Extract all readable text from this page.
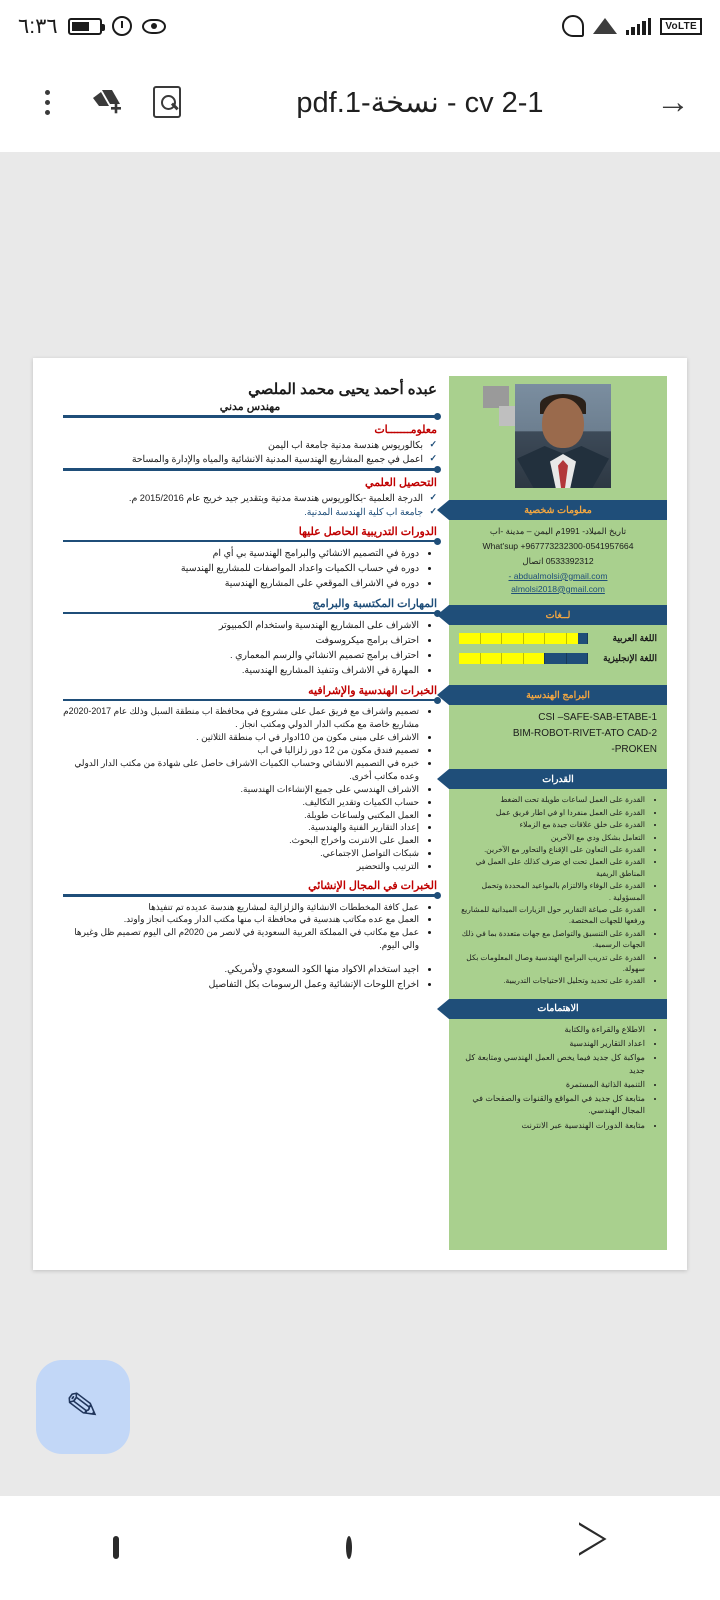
٦:٣٦	VoLTE
cv 2-1 - نسخة-1.pdf	→
عبده أحمد يحيى محمد الملصي
مهندس مدني
معلومـــــــات
✓ بكالوريوس هندسة مدنية جامعة اب اليمن
✓ اعمل في جميع المشاريع الهندسية المدنية الانشائية والمياه والإدارة والمساحة
التحصيل العلمي
✓ الدرجة العلمية -بكالوريوس هندسة مدنية وبتقدير جيد خريج عام 2015/2016 م.
✓ جامعة اب كلية الهندسة المدنية.
الدورات التدريبية الحاصل عليها
• دورة في التصميم الانشائي والبرامج الهندسية بي أي ام
• دوره في حساب الكميات واعداد المواصفات للمشاريع الهندسية
• دوره في الاشراف الموقعي على المشاريع الهندسية
المهارات المكتسبة والبرامج
• الاشراف على المشاريع الهندسية واستخدام الكمبيوتر
• احتراف برامج ميكروسوفت
• احتراف برامج تصميم الانشائي والرسم المعماري .
• المهارة في الاشراف وتنفيذ المشاريع الهندسية.
الخبرات الهندسية والإشرافيه
• تصميم واشراف مع فريق عمل على مشروع في محافظة اب منطقة السبل وذلك عام 2017-2020م مشاريع خاصة مع مكتب الدار الدولي ومكتب انجاز .
• الاشراف على مبنى مكون من 10ادوار في اب منطقة الثلاثين .
• تصميم فندق مكون من 12 دور زلزاليا في اب
• خبره في التصميم الانشائي وحساب الكميات الاشراف حاصل على شهادة من مكتب الدار الدولي وعده مكاتب أخرى.
• الاشراف الهندسي على جميع الإنشاءات الهندسية.
• حساب الكميات وتقدير التكاليف.
• العمل المكتبي ولساعات طويلة.
• إعداد التقارير الفنية والهندسية.
• العمل على الانترنت واخراج البحوث.
• شبكات التواصل الاجتماعي.
• الترتيب والتحضير
الخبرات في المجال الإنشائي
• عمل كافة المخططات الانشائية والزلزالية لمشاريع هندسة عديده تم تنفيذها
• العمل مع عده مكاتب هندسية في محافظة اب منها مكتب الدار ومكتب انجاز واوتد.
• عمل مع مكاتب في المملكة العربية السعودية في لانصر من 2020م الى اليوم تصميم ظل وغيرها والي اليوم.
• اجيد استخدام الاكواد منها الكود السعودي ولأمريكي.
• اخراج اللوحات الإنشائية وعمل الرسومات بكل التفاصيل
معلومات شخصية

تاريخ الميلاد- 1991م اليمن – مدينة -اب

What'sup +967773232300-0541957664

0533392312 اتصال

abdualmolsi@gmail.com -
almolsi2018@gmail.com
لــغات
اللغة العربية
اللغة الإنجليزية
البرامج الهندسية
1-CSI –SAFE-SAB-ETABE
2-BIM-ROBOT-RIVET-ATO CAD
PROKEN-
القدرات
• القدرة على العمل لساعات طويلة تحت الضغط
• القدرة على العمل منفردا او في اطار فريق عمل
• القدرة على خلق علاقات جيدة مع الزملاء
• التعامل بشكل ودي مع الآخرين
• القدرة على التعاون على الإقناع والتحاور مع الآخرين.
• القدرة على العمل تحت اي ضرف كذلك على العمل في المناطق الريفية
• القدرة على الوفاء والالتزام بالمواعيد المحددة وتحمل المسؤولية .
• القدرة على صياغة التقارير حول الزيارات الميدانية للمشاريع ورفعها للجهات المختصة.
• القدرة على التنسيق والتواصل مع جهات متعددة بما في ذلك الجهات الرسمية.
• القدرة على تدريب البرامج الهندسية وصال المعلومات بكل سهولة.
• القدرة على تحديد وتحليل الاحتياجات التدريبية.
الاهتمامات
• الاطلاع والقراءة والكتابة
• اعداد التقارير الهندسية
• مواكبة كل جديد فيما يخص العمل الهندسي ومتابعة كل جديد
• التنمية الذاتية المستمرة
• متابعة كل جديد في المواقع والقنوات والصفحات في المجال الهندسي.
• متابعة الدورات الهندسية عبر الانترنت
✎
